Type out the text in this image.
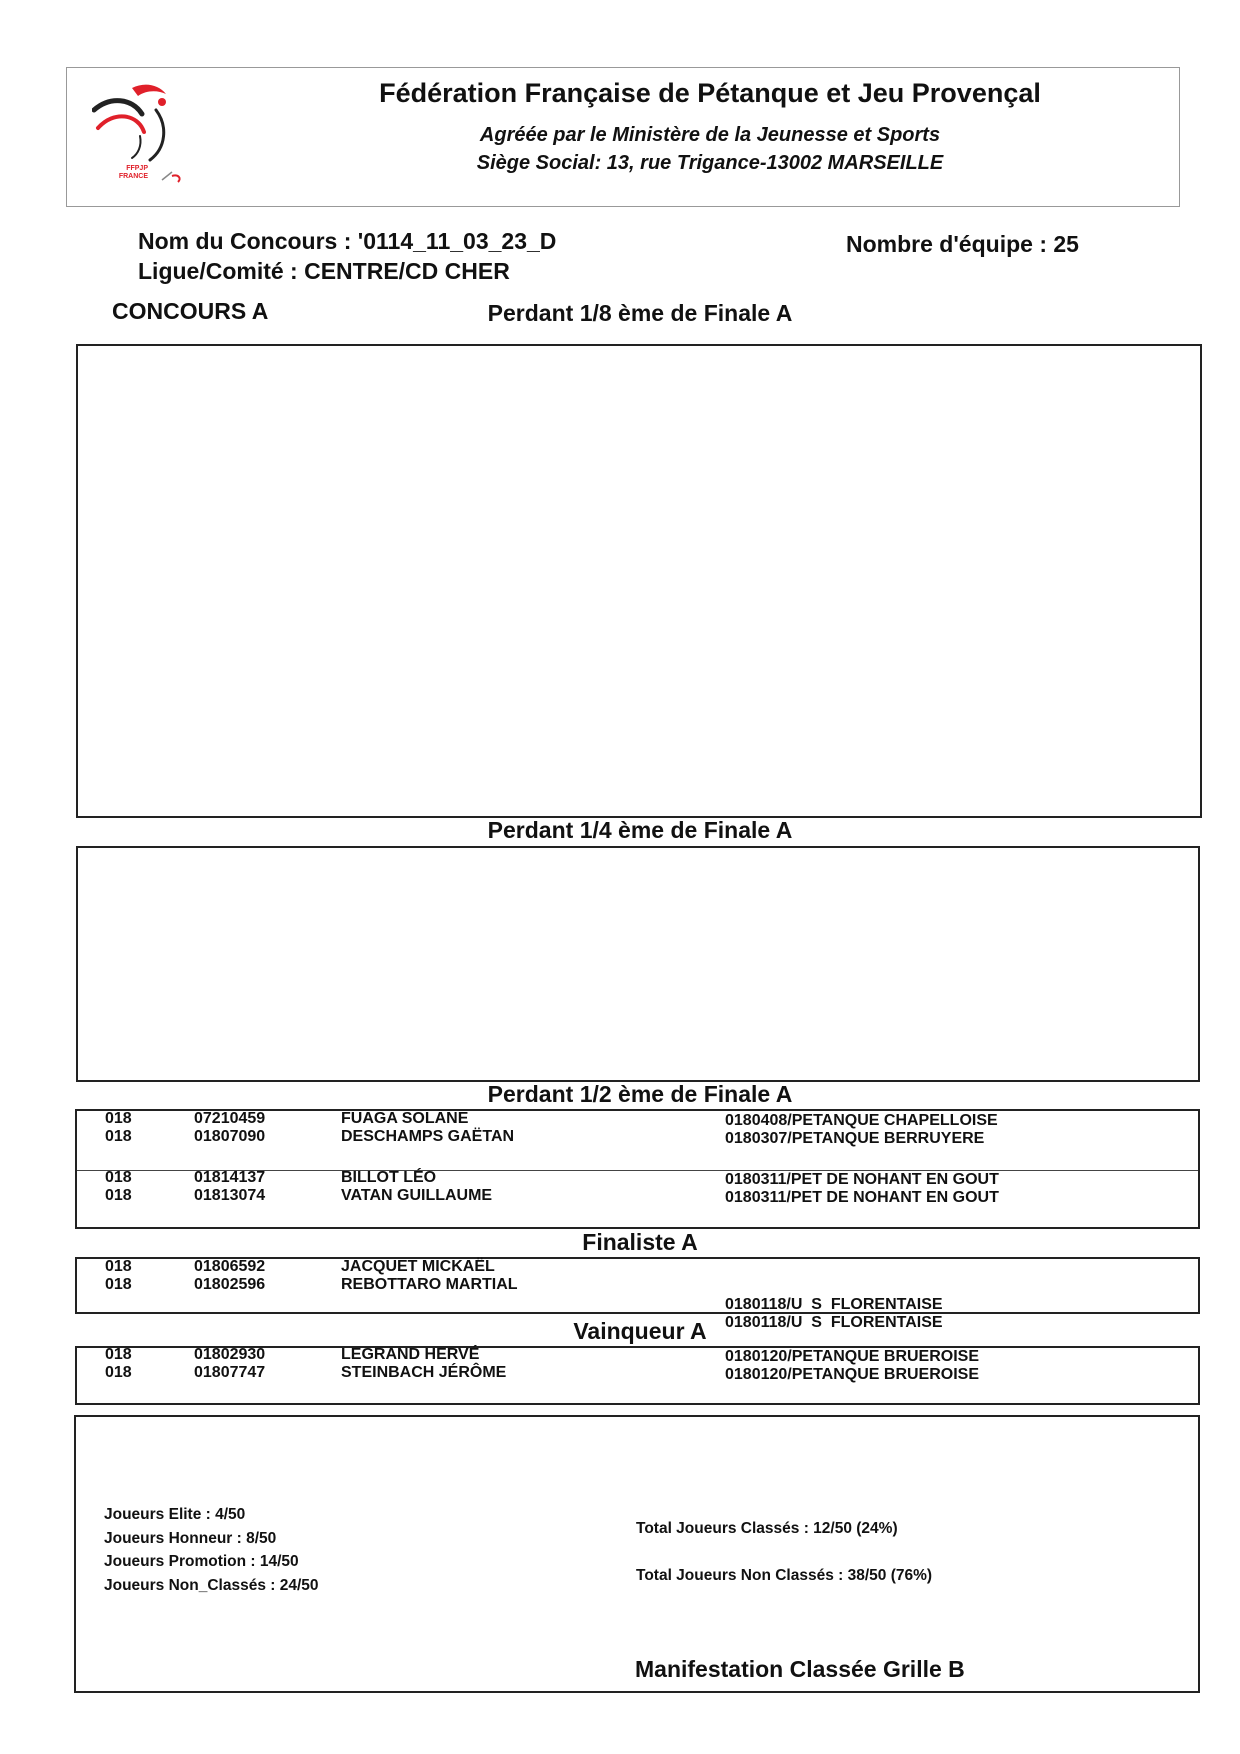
FFPJP FRANCE
Fédération Française de Pétanque et Jeu Provençal
Agréée par le Ministère de la Jeunesse et Sports
Siège Social: 13, rue Trigance-13002 MARSEILLE
Nom du Concours : '0114_11_03_23_D
Ligue/Comité : CENTRE/CD CHER
Nombre d'équipe : 25
CONCOURS A	Perdant 1/8 ème de Finale A
Perdant 1/4 ème de Finale A
Perdant 1/2 ème de Finale A
018
018
07210459
01807090
FUAGA SOLANE
DESCHAMPS GAËTAN
0180408/PETANQUE CHAPELLOISE
0180307/PETANQUE BERRUYERE
018
018
01814137
01813074
BILLOT LÉO
VATAN GUILLAUME
0180311/PET DE NOHANT EN GOUT
0180311/PET DE NOHANT EN GOUT
Finaliste A
018
018
01806592
01802596
JACQUET MICKAËL
REBOTTARO MARTIAL

0180118/U  S  FLORENTAISE
0180118/U  S  FLORENTAISE

Vainqueur A
018
018
01802930
01807747
LEGRAND HERVÉ
STEINBACH JÉRÔME
0180120/PETANQUE BRUEROISE
0180120/PETANQUE BRUEROISE
Joueurs Elite : 4/50
Joueurs Honneur : 8/50
Joueurs Promotion : 14/50
Joueurs Non_Classés : 24/50
Total Joueurs Classés : 12/50 (24%)
Total Joueurs Non Classés : 38/50 (76%)
Manifestation Classée Grille B
